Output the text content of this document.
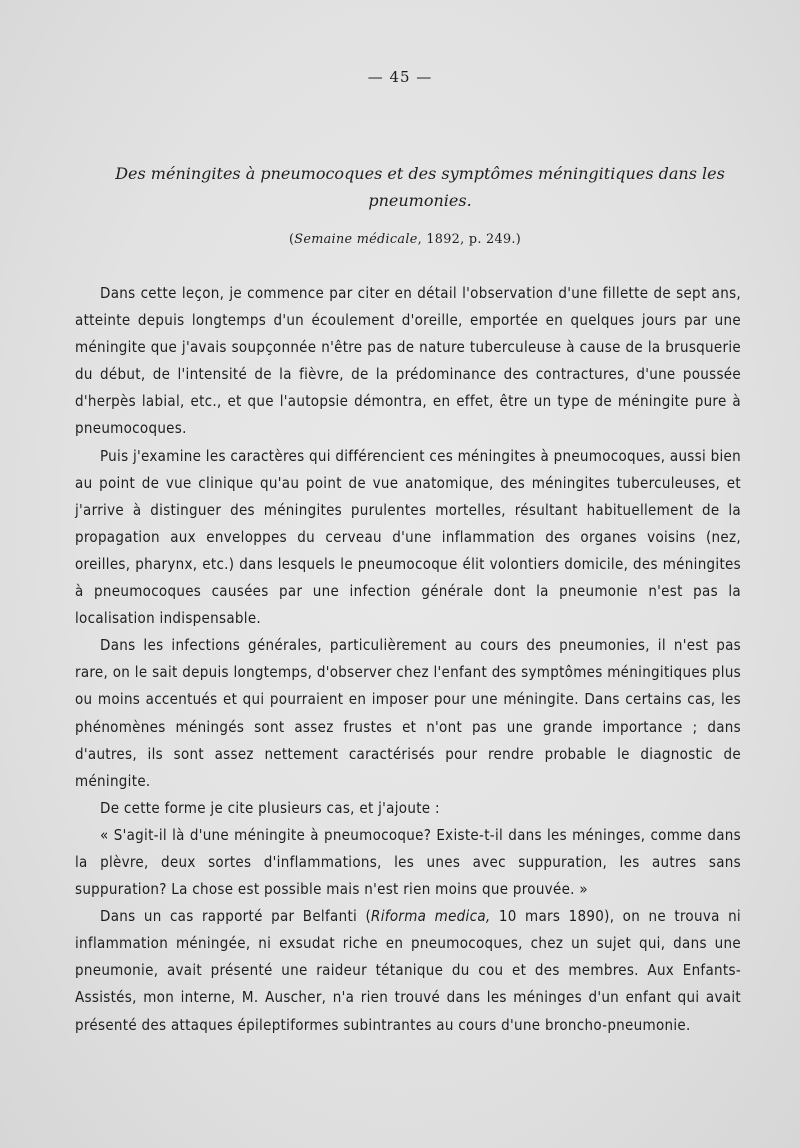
— 45 —
Des méningites à pneumocoques et des symptômes méningitiques dans les
pneumonies.
(Semaine médicale, 1892, p. 249.)

Dans cette leçon, je commence par citer en détail l'observation d'une fillette de sept ans, atteinte depuis longtemps d'un écoulement d'oreille, emportée en quelques jours par une méningite que j'avais soupçonnée n'être pas de nature tuberculeuse à cause de la brusquerie du début, de l'intensité de la fièvre, de la prédominance des contractures, d'une poussée d'herpès labial, etc., et que l'autopsie démontra, en effet, être un type de méningite pure à pneumocoques.

Puis j'examine les caractères qui différencient ces méningites à pneumocoques, aussi bien au point de vue clinique qu'au point de vue anatomique, des méningites tuberculeuses, et j'arrive à distinguer des méningites purulentes mortelles, résultant habituellement de la propagation aux enveloppes du cerveau d'une inflammation des organes voisins (nez, oreilles, pharynx, etc.) dans lesquels le pneumocoque élit volontiers domicile, des méningites à pneumocoques causées par une infection générale dont la pneumonie n'est pas la localisation indispensable.

Dans les infections générales, particulièrement au cours des pneumonies, il n'est pas rare, on le sait depuis longtemps, d'observer chez l'enfant des symptômes méningitiques plus ou moins accentués et qui pourraient en imposer pour une méningite. Dans certains cas, les phénomènes méningés sont assez frustes et n'ont pas une grande importance ; dans d'autres, ils sont assez nettement caractérisés pour rendre probable le diagnostic de méningite.

De cette forme je cite plusieurs cas, et j'ajoute :

« S'agit-il là d'une méningite à pneumocoque? Existe-t-il dans les méninges, comme dans la plèvre, deux sortes d'inflammations, les unes avec suppuration, les autres sans suppuration? La chose est possible mais n'est rien moins que prouvée. »

Dans un cas rapporté par Belfanti (Riforma medica, 10 mars 1890), on ne trouva ni inflammation méningée, ni exsudat riche en pneumocoques, chez un sujet qui, dans une pneumonie, avait présenté une raideur tétanique du cou et des membres. Aux Enfants-Assistés, mon interne, M. Auscher, n'a rien trouvé dans les méninges d'un enfant qui avait présenté des attaques épileptiformes subintrantes au cours d'une broncho-pneumonie.
